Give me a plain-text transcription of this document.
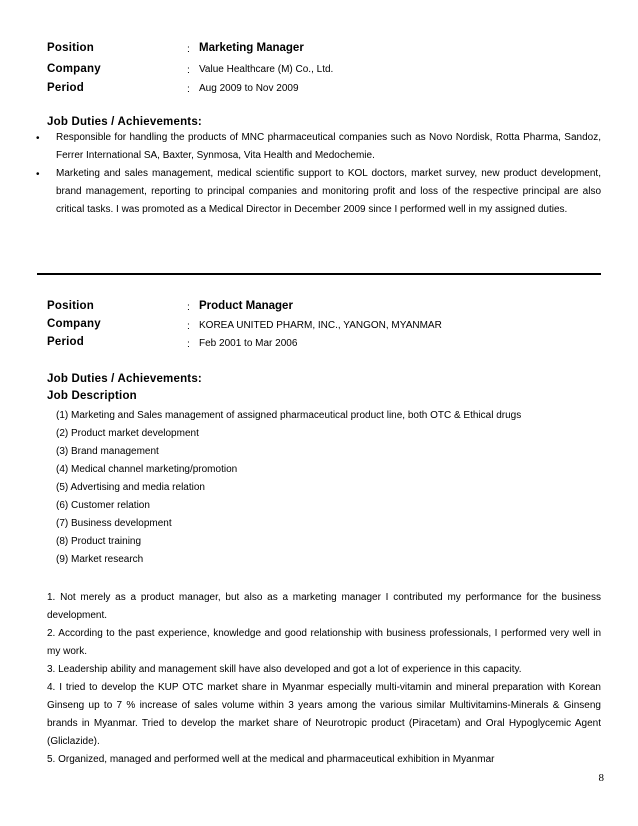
Position	: Marketing Manager
Company	: Value Healthcare (M) Co., Ltd.
Period	: Aug 2009 to Nov 2009
Job Duties / Achievements:
• Responsible for handling the products of MNC pharmaceutical companies such as Novo Nordisk, Rotta Pharma, Sandoz, Ferrer International SA, Baxter, Synmosa, Vita Health and Medochemie.
• Marketing and sales management, medical scientific support to KOL doctors, market survey, new product development, brand management, reporting to principal companies and monitoring profit and loss of the respective principal are also critical tasks. I was promoted as a Medical Director in December 2009 since I performed well in my assigned duties.
Position	: Product Manager
Company	: KOREA UNITED PHARM, INC., YANGON, MYANMAR
Period	: Feb 2001 to Mar 2006
Job Duties / Achievements:
Job Description
(1) Marketing and Sales management of assigned pharmaceutical product line, both OTC & Ethical drugs
(2) Product market development
(3) Brand management
(4) Medical channel marketing/promotion
(5) Advertising and media relation
(6) Customer relation
(7) Business development
(8) Product training
(9) Market research
1. Not merely as a product manager, but also as a marketing manager I contributed my performance for the business development.
2. According to the past experience, knowledge and good relationship with business professionals, I performed very well in my work.
3. Leadership ability and management skill have also developed and got a lot of experience in this capacity.
4. I tried to develop the KUP OTC market share in Myanmar especially multi-vitamin and mineral preparation with Korean Ginseng up to 7 % increase of sales volume within 3 years among the various similar Multivitamins-Minerals & Ginseng brands in Myanmar. Tried to develop the market share of Neurotropic product (Piracetam) and Oral Hypoglycemic Agent (Gliclazide).
5. Organized, managed and performed well at the medical and pharmaceutical exhibition in Myanmar
8
